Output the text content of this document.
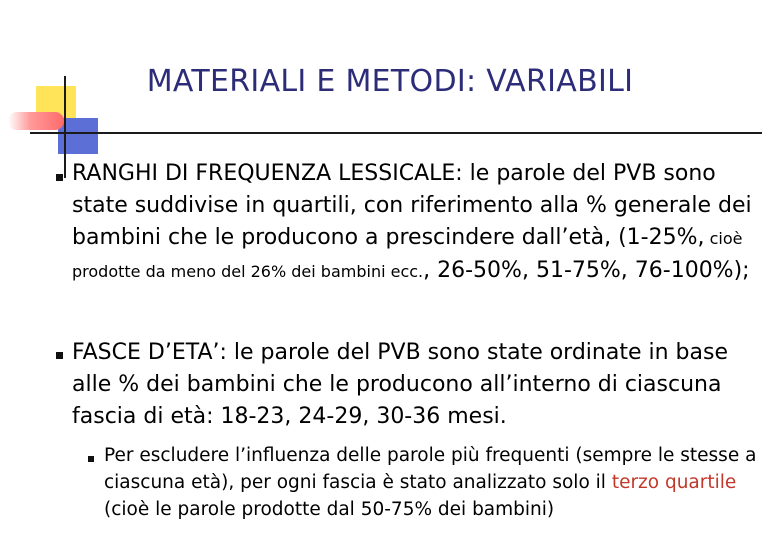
MATERIALI E METODI: VARIABILI
RANGHI DI FREQUENZA LESSICALE: le parole del PVB sono state suddivise in quartili, con riferimento alla % generale dei bambini che le producono a prescindere dall’età, (1-25%, cioè prodotte da meno del 26% dei bambini ecc., 26-50%, 51-75%, 76-100%);
FASCE D’ETA’: le parole del PVB sono state ordinate in base alle % dei bambini che le producono all’interno di ciascuna fascia di età: 18-23, 24-29, 30-36 mesi.
Per escludere l’influenza delle parole più frequenti (sempre le stesse a ciascuna età), per ogni fascia è stato analizzato solo il terzo quartile (cioè le parole prodotte dal 50-75% dei bambini)
